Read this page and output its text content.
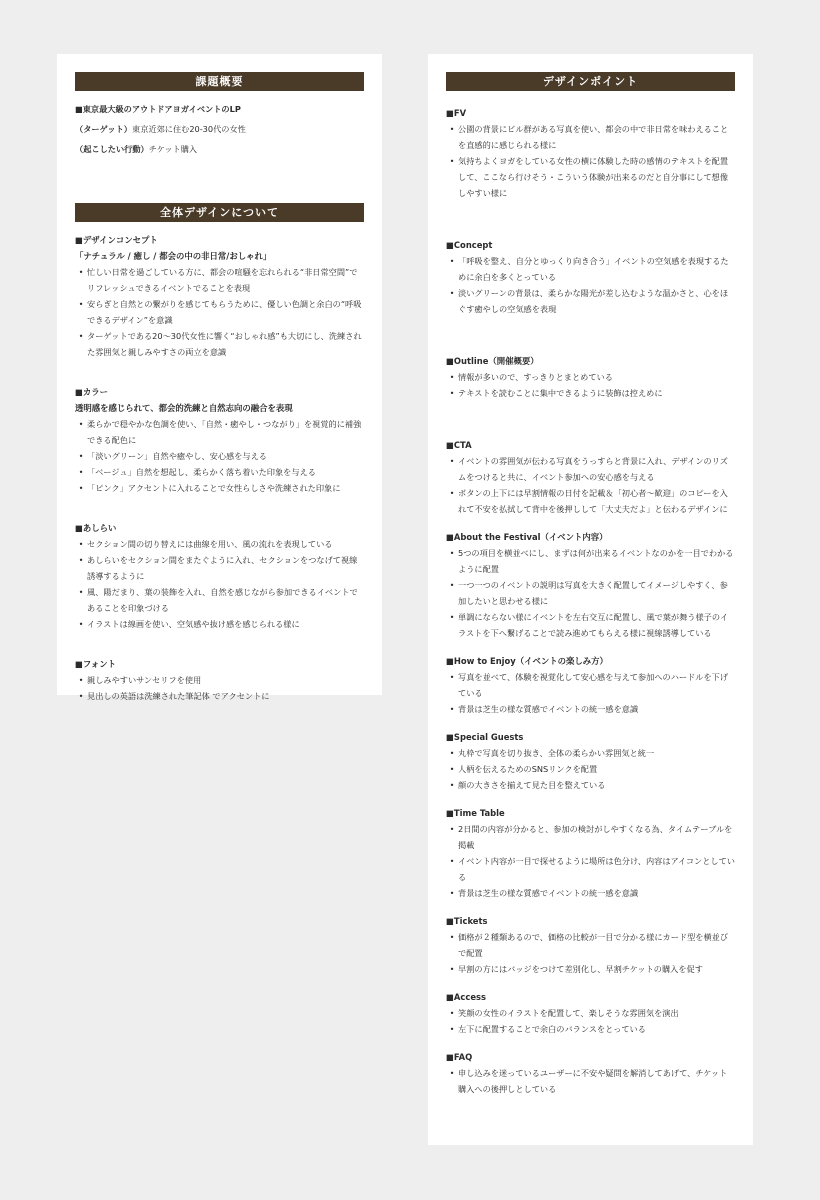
課題概要
■東京最大級のアウトドアヨガイベントのLP
（ターゲット）東京近郊に住む20-30代の女性
（起こしたい行動）チケット購入
全体デザインについて
■デザインコンセプト
「ナチュラル / 癒し / 都会の中の非日常/おしゃれ」
• 忙しい日常を過ごしている方に、都会の喧騒を忘れられる“非日常空間”でリフレッシュできるイベントでることを表現
• 安らぎと自然との繋がりを感じてもらうために、優しい色調と余白の“呼吸できるデザイン”を意識
• ターゲットである20〜30代女性に響く“おしゃれ感”も大切にし、洗練された雰囲気と親しみやすさの両立を意識
■カラー
透明感を感じられて、都会的洗練と自然志向の融合を表現
• 柔らかで穏やかな色調を使い、「自然・癒やし・つながり」を視覚的に補強できる配色に
• 「淡いグリーン」自然や癒やし、安心感を与える
• 「ベージュ」自然を想起し、柔らかく落ち着いた印象を与える
• 「ピンク」アクセントに入れることで女性らしさや洗練された印象に
■あしらい
• セクション間の切り替えには曲線を用い、風の流れを表現している
• あしらいをセクション間をまたぐように入れ、セクションをつなげて視線誘導するように
• 風、陽だまり、葉の装飾を入れ、自然を感じながら参加できるイベントであることを印象づける
• イラストは線画を使い、空気感や抜け感を感じられる様に
■フォント
• 親しみやすいサンセリフを使用
• 見出しの英語は洗練された筆記体 でアクセントに
デザインポイント
■FV
• 公園の背景にビル群がある写真を使い、都会の中で非日常を味わえることを直感的に感じられる様に
• 気持ちよくヨガをしている女性の横に体験した時の感情のテキストを配置して、ここなら行けそう・こういう体験が出来るのだと自分事にして想像しやすい様に
■Concept
• 「呼吸を整え、自分とゆっくり向き合う」イベントの空気感を表現するために余白を多くとっている
• 淡いグリーンの背景は、柔らかな陽光が差し込むような温かさと、心をほぐす癒やしの空気感を表現
■Outline（開催概要）
• 情報が多いので、すっきりとまとめている
• テキストを読むことに集中できるように装飾は控えめに
■CTA
• イベントの雰囲気が伝わる写真をうっすらと背景に入れ、デザインのリズムをつけると共に、イベント参加への安心感を与える
• ボタンの上下には早割情報の日付を記載＆「初心者〜歓迎」のコピーを入れて不安を払拭して背中を後押しして「大丈夫だよ」と伝わるデザインに
■About the Festival（イベント内容）
• 5つの項目を横並べにし、まずは何が出来るイベントなのかを一目でわかるように配置
• 一つ一つのイベントの説明は写真を大きく配置してイメージしやすく、参加したいと思わせる様に
• 単調にならない様にイベントを左右交互に配置し、風で葉が舞う様子のイラストを下へ繋げることで読み進めてもらえる様に視線誘導している
■How to Enjoy（イベントの楽しみ方）
• 写真を並べて、体験を視覚化して安心感を与えて参加へのハードルを下げている
• 背景は芝生の様な質感でイベントの統一感を意識
■Special Guests
• 丸枠で写真を切り抜き、全体の柔らかい雰囲気と統一
• 人柄を伝えるためのSNSリンクを配置
• 顔の大きさを揃えて見た目を整えている
■Time Table
• 2日間の内容が分かると、参加の検討がしやすくなる為、タイムテーブルを掲載
• イベント内容が一目で探せるように場所は色分け、内容はアイコンとしている
• 背景は芝生の様な質感でイベントの統一感を意識
■Tickets
• 価格が２種類あるので、価格の比較が一目で分かる様にカード型を横並びで配置
• 早割の方にはバッジをつけて差別化し、早割チケットの購入を促す
■Access
• 笑顔の女性のイラストを配置して、楽しそうな雰囲気を演出
• 左下に配置することで余白のバランスをとっている
■FAQ
• 申し込みを迷っているユーザーに不安や疑問を解消してあげて、チケット購入への後押しとしている
